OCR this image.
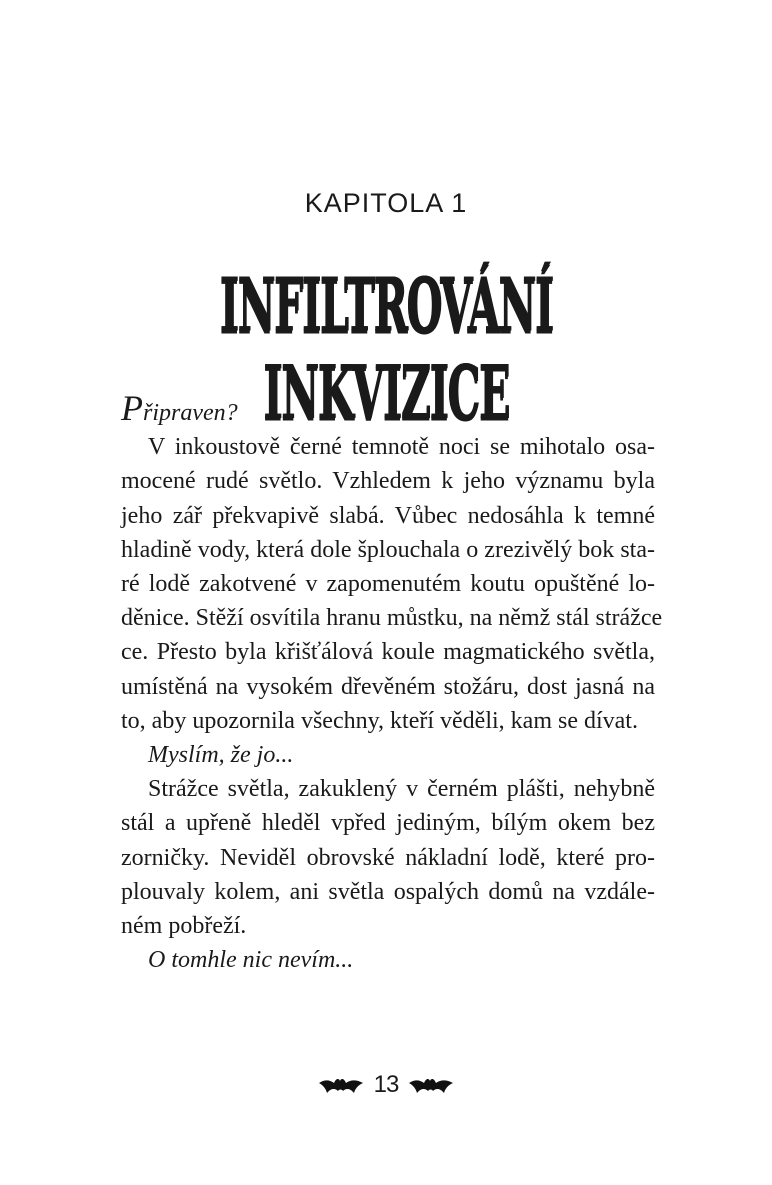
KAPITOLA 1
INFILTROVÁNÍ INKVIZICE
Připraven?
V inkoustově černé temnotě noci se mihotalo osa-
mocené rudé světlo. Vzhledem k jeho významu byla
jeho zář překvapivě slabá. Vůbec nedosáhla k temné
hladině vody, která dole šplouchala o zrezivělý bok sta-
ré lodě zakotvené v zapomenutém koutu opuštěné lo-
děnice. Stěží osvítila hranu můstku, na němž stál strážce
ce. Přesto byla křišťálová koule magmatického světla,
umístěná na vysokém dřevěném stožáru, dost jasná na
to, aby upozornila všechny, kteří věděli, kam se dívat.
Myslím, že jo...
Strážce světla, zakuklený v černém plášti, nehybně
stál a upřeně hleděl vpřed jediným, bílým okem bez
zorničky. Neviděl obrovské nákladní lodě, které pro-
plouvaly kolem, ani světla ospalých domů na vzdále-
ném pobřeží.
O tomhle nic nevím...
13
